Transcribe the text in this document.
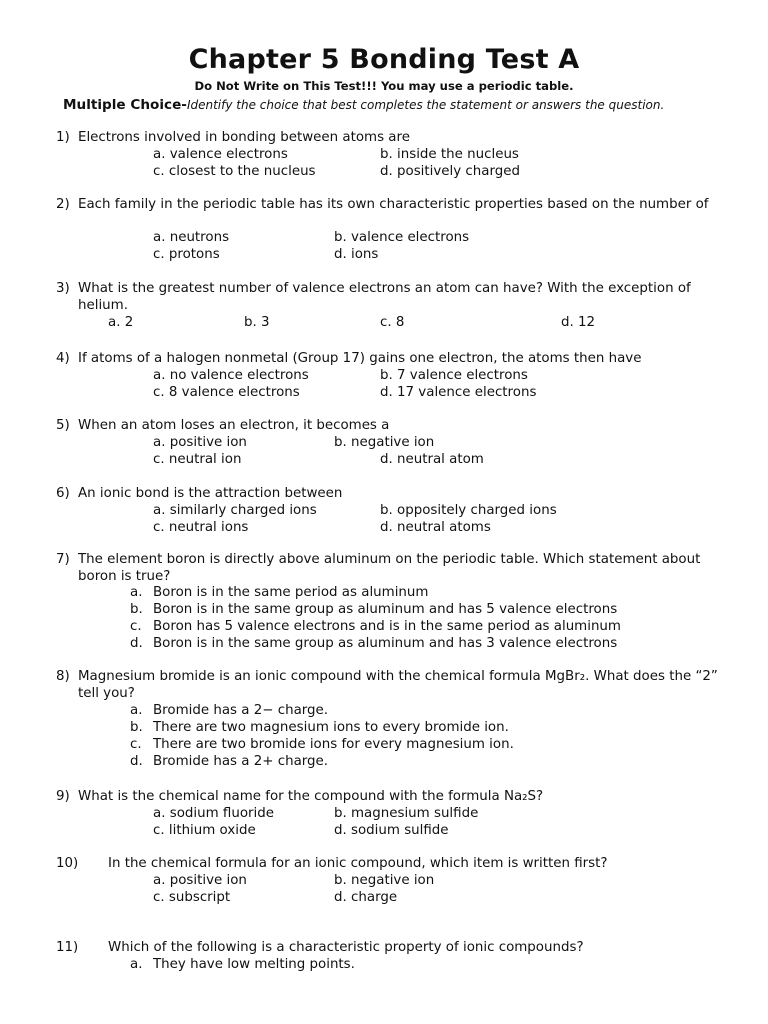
Chapter 5 Bonding Test A
Do Not Write on This Test!!! You may use a periodic table.
Multiple Choice-Identify the choice that best completes the statement or answers the question.
1) Electrons involved in bonding between atoms are
a. valence electrons	b. inside the nucleus
c. closest to the nucleus	d. positively charged
2) Each family in the periodic table has its own characteristic properties based on the number of
a. neutrons	b. valence electrons
c. protons	d. ions
3) What is the greatest number of valence electrons an atom can have? With the exception of helium.
a. 2	b. 3	c. 8	d. 12
4) If atoms of a halogen nonmetal (Group 17) gains one electron, the atoms then have
a. no valence electrons	b. 7 valence electrons
c. 8 valence electrons	d. 17 valence electrons
5) When an atom loses an electron, it becomes a
a. positive ion	b. negative ion
c. neutral ion	d. neutral atom
6) An ionic bond is the attraction between
a. similarly charged ions	b. oppositely charged ions
c. neutral ions	d. neutral atoms
7) The element boron is directly above aluminum on the periodic table. Which statement about boron is true?
a. Boron is in the same period as aluminum
b. Boron is in the same group as aluminum and has 5 valence electrons
c. Boron has 5 valence electrons and is in the same period as aluminum
d. Boron is in the same group as aluminum and has 3 valence electrons
8) Magnesium bromide is an ionic compound with the chemical formula MgBr₂. What does the “2” tell you?
a. Bromide has a 2− charge.
b. There are two magnesium ions to every bromide ion.
c. There are two bromide ions for every magnesium ion.
d. Bromide has a 2+ charge.
9) What is the chemical name for the compound with the formula Na₂S?
a. sodium fluoride	b. magnesium sulfide
c. lithium oxide	d. sodium sulfide
10) In the chemical formula for an ionic compound, which item is written first?
a. positive ion	b. negative ion
c. subscript	d. charge
11) Which of the following is a characteristic property of ionic compounds?
a. They have low melting points.
